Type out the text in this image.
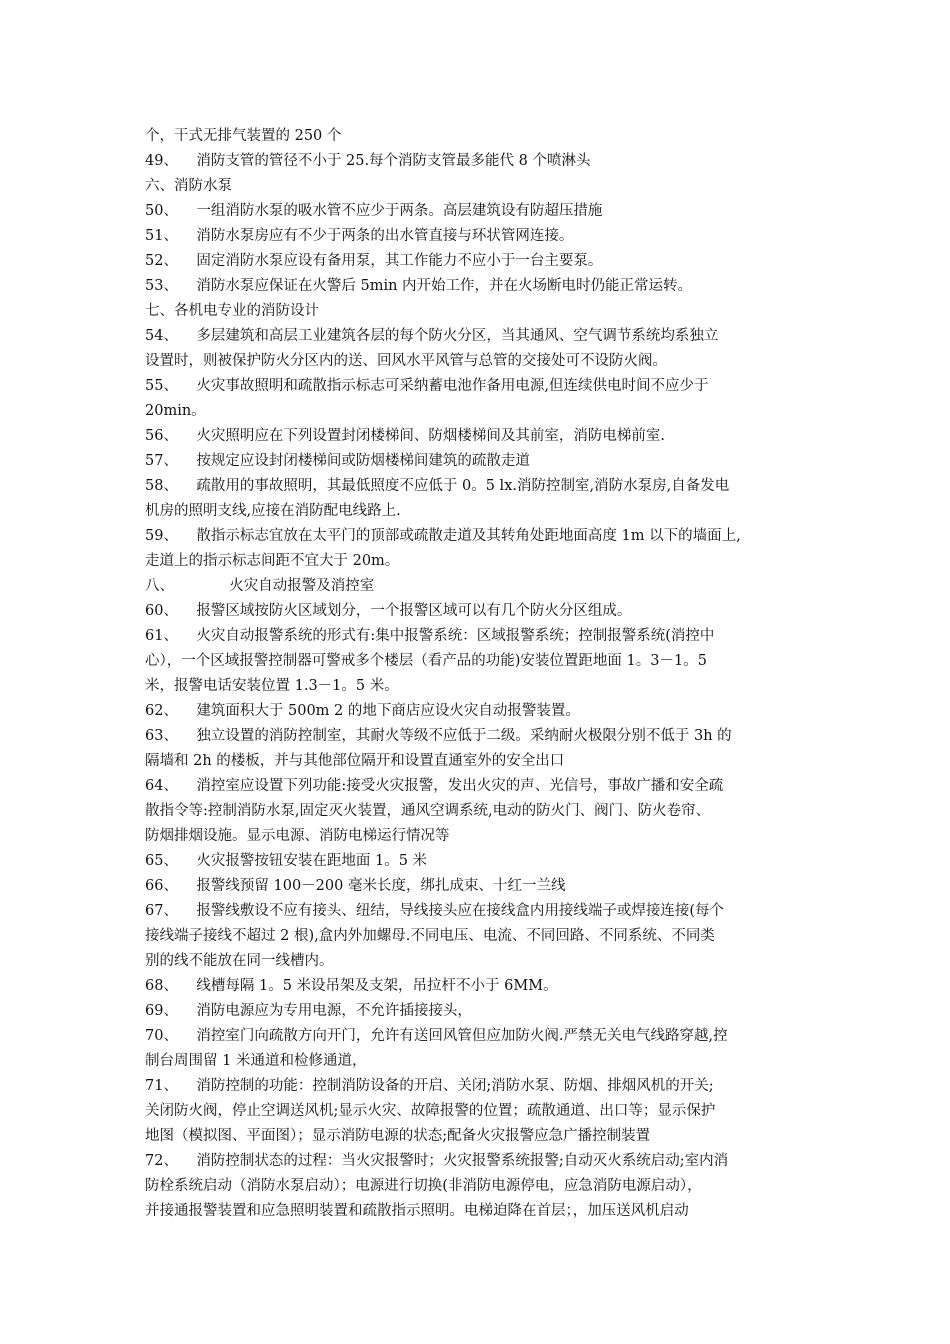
个，干式无排气装置的 250 个
49、    消防支管的管径不小于 25.每个消防支管最多能代 8 个喷淋头
六、消防水泵
50、    一组消防水泵的吸水管不应少于两条。高层建筑设有防超压措施
51、    消防水泵房应有不少于两条的出水管直接与环状管网连接。
52、    固定消防水泵应设有备用泵，其工作能力不应小于一台主要泵。
53、    消防水泵应保证在火警后 5min 内开始工作，并在火场断电时仍能正常运转。
七、各机电专业的消防设计
54、    多层建筑和高层工业建筑各层的每个防火分区，当其通风、空气调节系统均系独立
设置时，则被保护防火分区内的送、回风水平风管与总管的交接处可不设防火阀。
55、    火灾事故照明和疏散指示标志可采纳蓄电池作备用电源,但连续供电时间不应少于
20min。
56、    火灾照明应在下列设置封闭楼梯间、防烟楼梯间及其前室，消防电梯前室.
57、    按规定应设封闭楼梯间或防烟楼梯间建筑的疏散走道
58、    疏散用的事故照明，其最低照度不应低于 0。5 lx.消防控制室,消防水泵房,自备发电
机房的照明支线,应接在消防配电线路上.
59、    散指示标志宜放在太平门的顶部或疏散走道及其转角处距地面高度 1m 以下的墙面上,
走道上的指示标志间距不宜大于 20m。
八、            火灾自动报警及消控室
60、    报警区域按防火区域划分，一个报警区域可以有几个防火分区组成。
61、    火灾自动报警系统的形式有:集中报警系统：区域报警系统；控制报警系统(消控中
心），一个区域报警控制器可警戒多个楼层（看产品的功能)安装位置距地面 1。3－1。5
米，报警电话安装位置 1.3－1。5 米。
62、    建筑面积大于 500m 2 的地下商店应设火灾自动报警装置。
63、    独立设置的消防控制室，其耐火等级不应低于二级。采纳耐火极限分别不低于 3h 的
隔墙和 2h 的楼板，并与其他部位隔开和设置直通室外的安全出口
64、    消控室应设置下列功能:接受火灾报警，发出火灾的声、光信号，事故广播和安全疏
散指令等:控制消防水泵,固定灭火装置，通风空调系统,电动的防火门、阀门、防火卷帘、
防烟排烟设施。显示电源、消防电梯运行情况等
65、    火灾报警按钮安装在距地面 1。5 米
66、    报警线预留 100－200 毫米长度，绑扎成束、十红一兰线
67、    报警线敷设不应有接头、纽结，导线接头应在接线盒内用接线端子或焊接连接(每个
接线端子接线不超过 2 根),盒内外加螺母.不同电压、电流、不同回路、不同系统、不同类
别的线不能放在同一线槽内。
68、    线槽每隔 1。5 米设吊架及支架，吊拉杆不小于 6MM。
69、    消防电源应为专用电源，不允许插接接头，
70、    消控室门向疏散方向开门，允许有送回风管但应加防火阀.严禁无关电气线路穿越,控
制台周围留 1 米通道和检修通道，
71、    消防控制的功能：控制消防设备的开启、关闭;消防水泵、防烟、排烟风机的开关;
关闭防火阀，停止空调送风机;显示火灾、故障报警的位置；疏散通道、出口等；显示保护
地图（模拟图、平面图）；显示消防电源的状态;配备火灾报警应急广播控制装置
72、    消防控制状态的过程：当火灾报警时；火灾报警系统报警;自动灭火系统启动;室内消
防栓系统启动（消防水泵启动）；电源进行切换(非消防电源停电，应急消防电源启动），
并接通报警装置和应急照明装置和疏散指示照明。电梯迫降在首层；，加压送风机启动
